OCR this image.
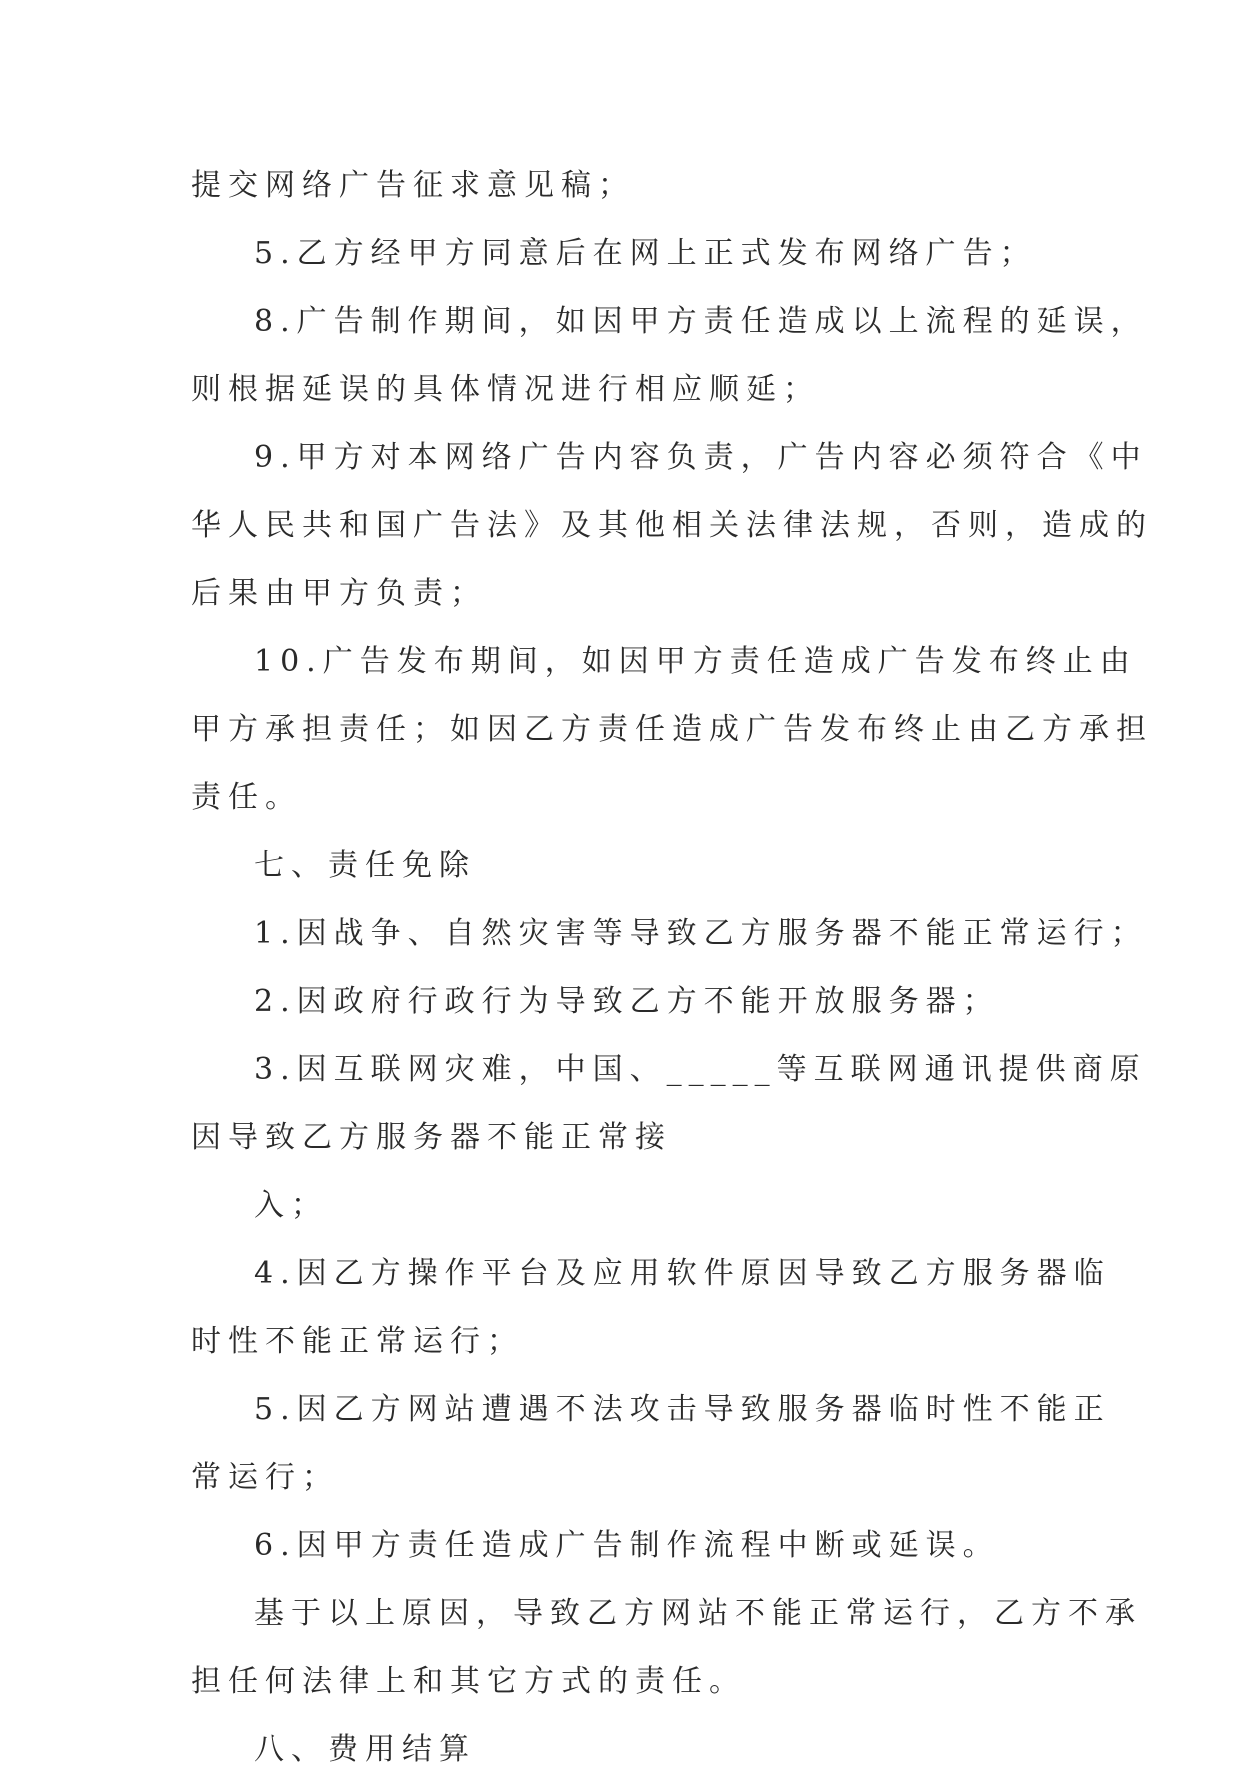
提交网络广告征求意见稿；
5.乙方经甲方同意后在网上正式发布网络广告；
8.广告制作期间，如因甲方责任造成以上流程的延误，
则根据延误的具体情况进行相应顺延；
9.甲方对本网络广告内容负责，广告内容必须符合《中
华人民共和国广告法》及其他相关法律法规，否则，造成的
后果由甲方负责；
10.广告发布期间，如因甲方责任造成广告发布终止由
甲方承担责任；如因乙方责任造成广告发布终止由乙方承担
责任。
七、责任免除
1.因战争、自然灾害等导致乙方服务器不能正常运行；
2.因政府行政行为导致乙方不能开放服务器；
3.因互联网灾难，中国、_____等互联网通讯提供商原
因导致乙方服务器不能正常接
入；
4.因乙方操作平台及应用软件原因导致乙方服务器临
时性不能正常运行；
5.因乙方网站遭遇不法攻击导致服务器临时性不能正
常运行；
6.因甲方责任造成广告制作流程中断或延误。
基于以上原因，导致乙方网站不能正常运行，乙方不承
担任何法律上和其它方式的责任。
八、费用结算
